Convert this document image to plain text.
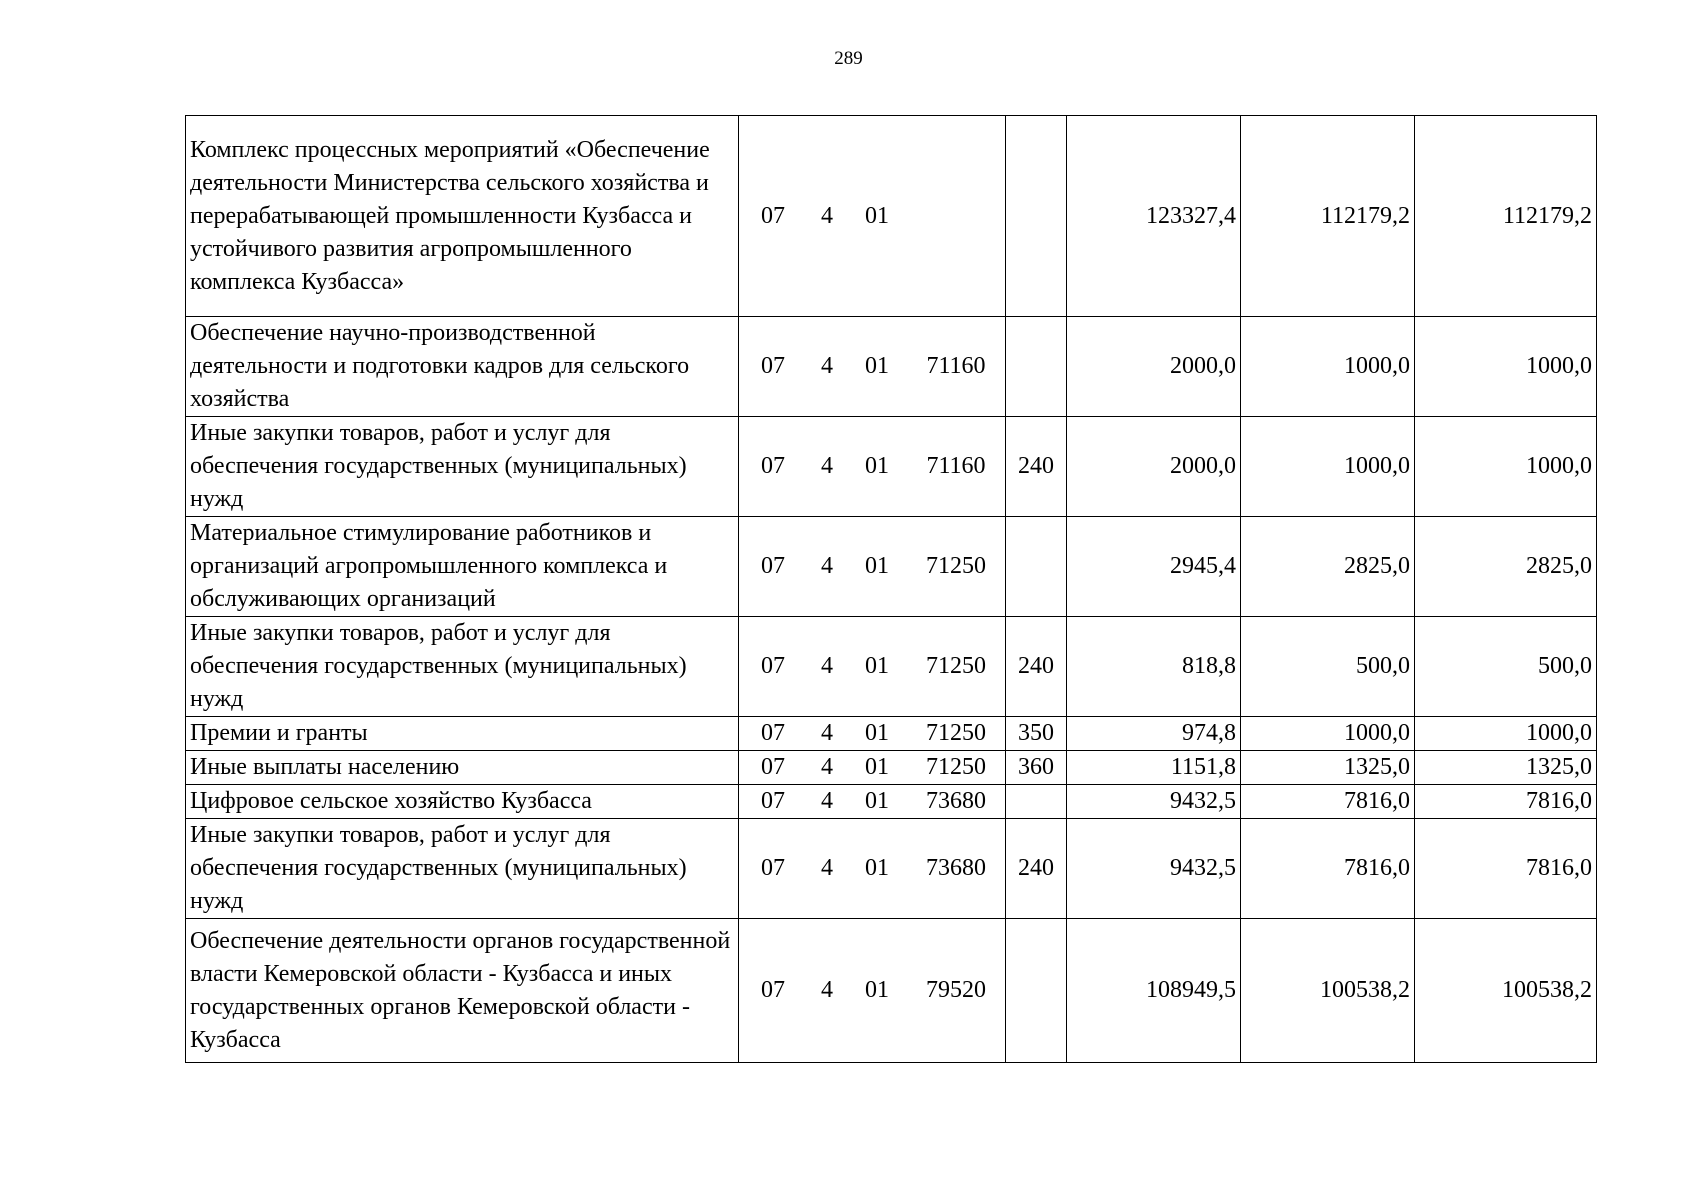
289
Комплекс процессных мероприятий «Обеспечение деятельности Министерства сельского хозяйства и перерабатывающей промышленности Кузбасса и устойчивого развития агропромышленного комплекса Кузбасса»	07 4 01		123327,4	112179,2	112179,2
Обеспечение научно-производственной деятельности и подготовки кадров для сельского хозяйства	07 4 01 71160		2000,0	1000,0	1000,0
Иные закупки товаров, работ и услуг для обеспечения государственных (муниципальных) нужд	07 4 01 71160	240	2000,0	1000,0	1000,0
Материальное стимулирование работников и организаций агропромышленного комплекса и обслуживающих организаций	07 4 01 71250		2945,4	2825,0	2825,0
Иные закупки товаров, работ и услуг для обеспечения государственных (муниципальных) нужд	07 4 01 71250	240	818,8	500,0	500,0
Премии и гранты	07 4 01 71250	350	974,8	1000,0	1000,0
Иные выплаты населению	07 4 01 71250	360	1151,8	1325,0	1325,0
Цифровое сельское хозяйство Кузбасса	07 4 01 73680		9432,5	7816,0	7816,0
Иные закупки товаров, работ и услуг для обеспечения государственных (муниципальных) нужд	07 4 01 73680	240	9432,5	7816,0	7816,0
Обеспечение деятельности органов государственной власти Кемеровской области - Кузбасса и иных государственных органов Кемеровской области - Кузбасса	07 4 01 79520		108949,5	100538,2	100538,2
